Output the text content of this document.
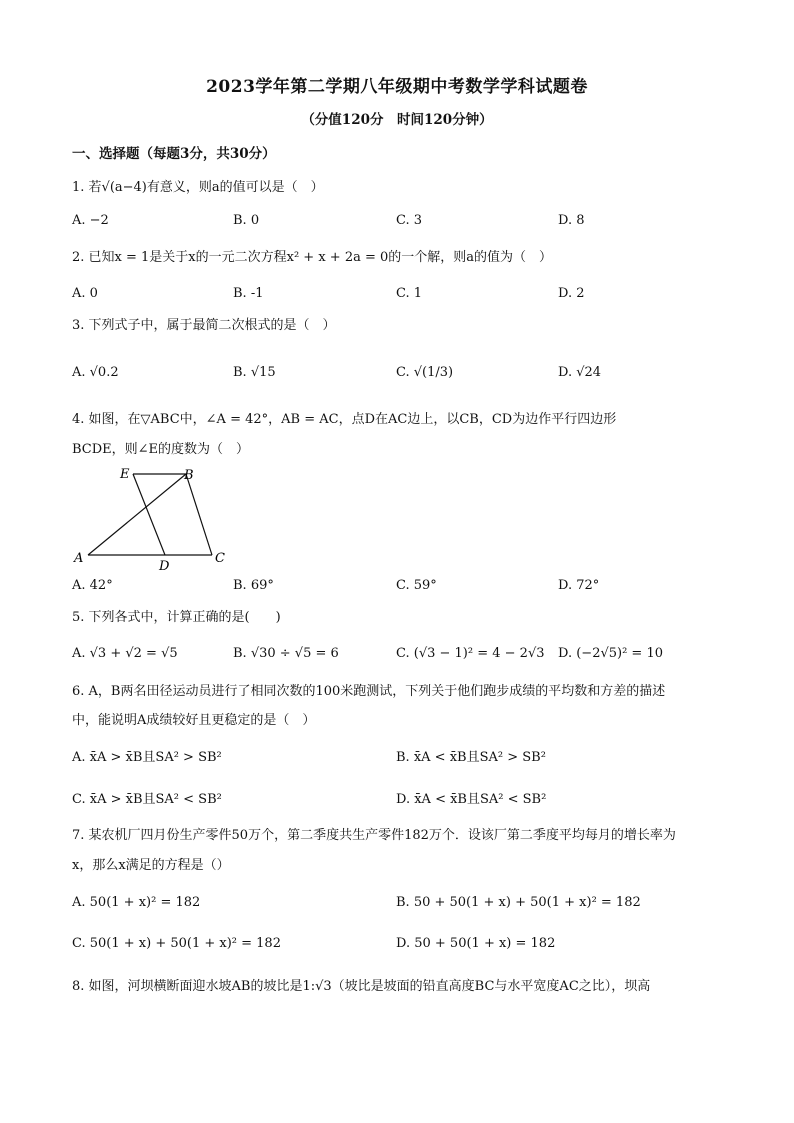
2023学年第二学期八年级期中考数学学科试题卷
（分值120分　时间120分钟）
一、选择题（每题3分，共30分）
1. 若√(a−4)有意义，则a的值可以是（　）
A. −2	B. 0	C. 3	D. 8
2. 已知x = 1是关于x的一元二次方程x² + x + 2a = 0的一个解，则a的值为（　）
A. 0	B. -1	C. 1	D. 2
3. 下列式子中，属于最简二次根式的是（　）
A. √0.2	B. √15	C. √(1/3)	D. √24
4. 如图，在▽ABC中，∠A = 42°，AB = AC，点D在AC边上，以CB，CD为边作平行四边形
BCDE，则∠E的度数为（　）
E	B
A
D
C
A. 42°	B. 69°	C. 59°	D. 72°
5. 下列各式中，计算正确的是(　　)
A. √3 + √2 = √5	B. √30 ÷ √5 = 6	C. (√3 − 1)² = 4 − 2√3 D. (−2√5)² = 10
6. A，B两名田径运动员进行了相同次数的100米跑测试，下列关于他们跑步成绩的平均数和方差的描述
中，能说明A成绩较好且更稳定的是（　）
A. x̄A > x̄B且SA² > SB²	B. x̄A < x̄B且SA² > SB²
C. x̄A > x̄B且SA² < SB²	D. x̄A < x̄B且SA² < SB²
7. 某农机厂四月份生产零件50万个，第二季度共生产零件182万个．设该厂第二季度平均每月的增长率为
x，那么x满足的方程是（）
A. 50(1 + x)² = 182	B. 50 + 50(1 + x) + 50(1 + x)² = 182
C. 50(1 + x) + 50(1 + x)² = 182	D. 50 + 50(1 + x) = 182
8. 如图，河坝横断面迎水坡AB的坡比是1:√3（坡比是坡面的铅直高度BC与水平宽度AC之比），坝高
